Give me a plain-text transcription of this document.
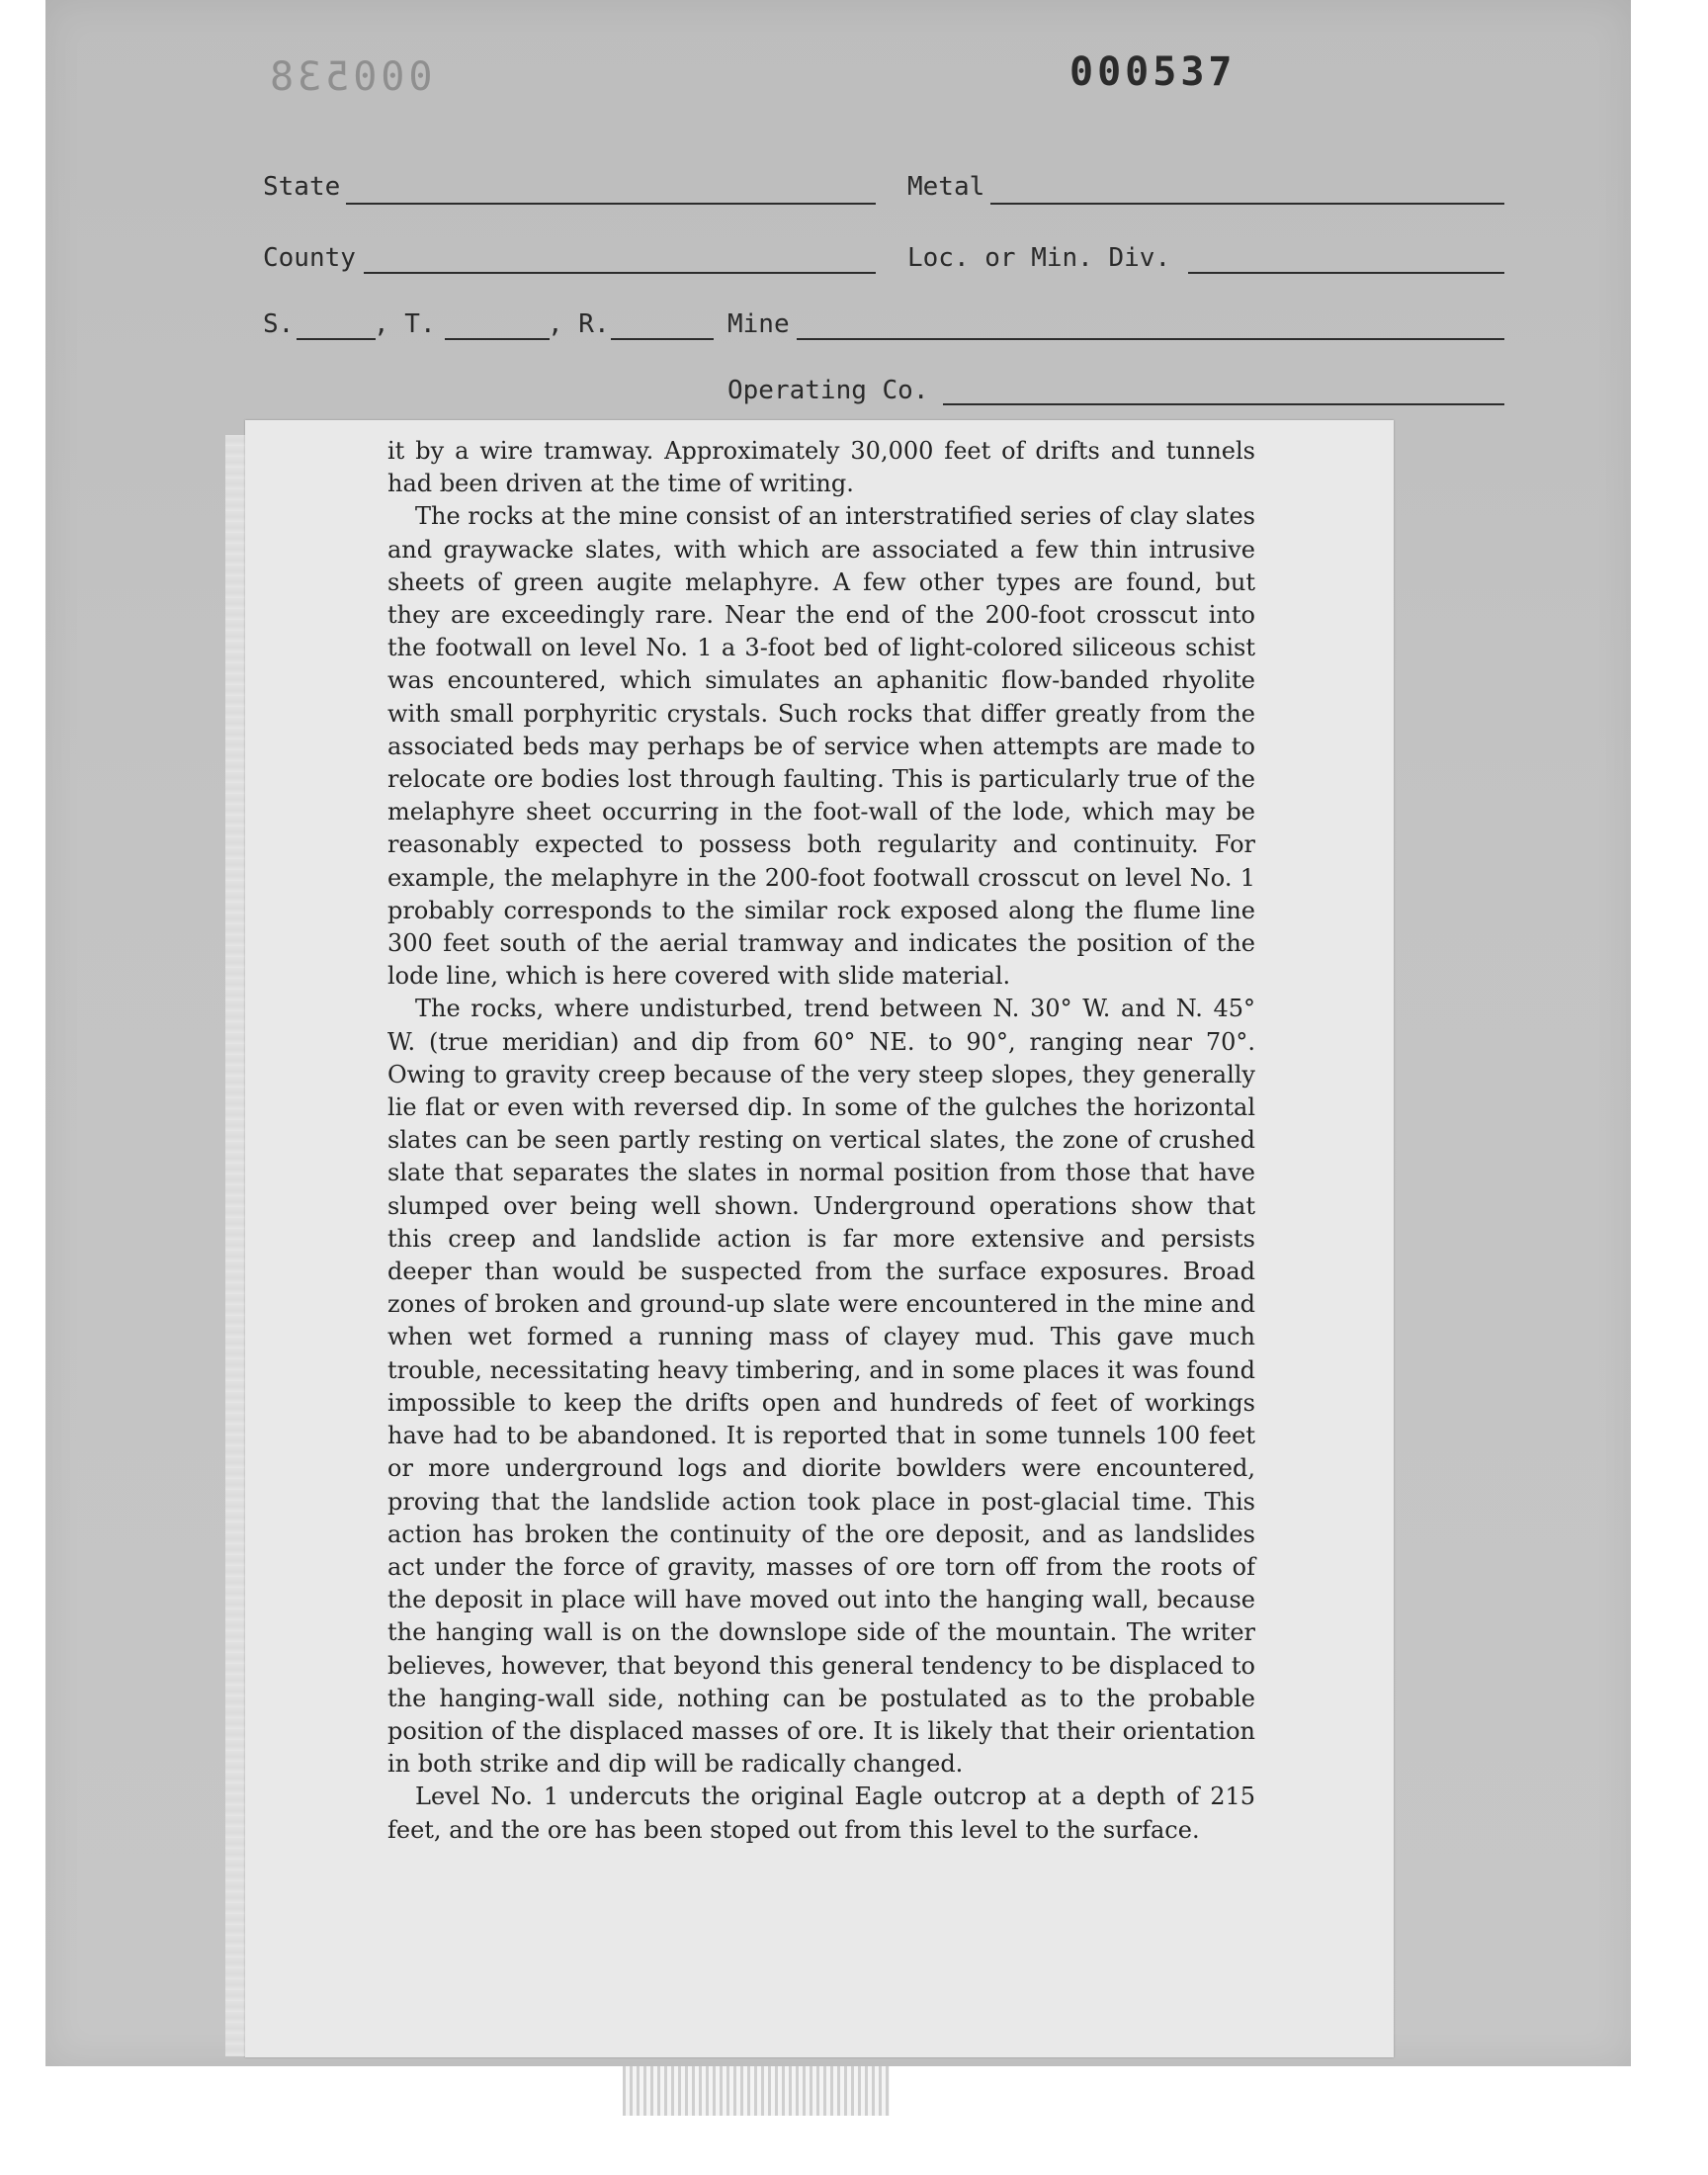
000538	000537
State	Metal
County	Loc. or Min. Div.
S.	, T.	, R.	Mine
Operating Co.

it by a wire tramway. Approximately 30,000 feet of drifts and tunnels had been driven at the time of writing.

The rocks at the mine consist of an interstratified series of clay slates and graywacke slates, with which are associated a few thin intrusive sheets of green augite melaphyre. A few other types are found, but they are exceedingly rare. Near the end of the 200-foot crosscut into the footwall on level No. 1 a 3-foot bed of light-colored siliceous schist was encountered, which simulates an aphanitic flow-banded rhyolite with small porphyritic crystals. Such rocks that differ greatly from the associated beds may perhaps be of service when attempts are made to relocate ore bodies lost through faulting. This is particularly true of the melaphyre sheet occurring in the foot-wall of the lode, which may be reasonably expected to possess both regularity and continuity. For example, the melaphyre in the 200-foot footwall crosscut on level No. 1 probably corresponds to the similar rock exposed along the flume line 300 feet south of the aerial tramway and indicates the position of the lode line, which is here covered with slide material.

The rocks, where undisturbed, trend between N. 30° W. and N. 45° W. (true meridian) and dip from 60° NE. to 90°, ranging near 70°. Owing to gravity creep because of the very steep slopes, they generally lie flat or even with reversed dip. In some of the gulches the horizontal slates can be seen partly resting on vertical slates, the zone of crushed slate that separates the slates in normal position from those that have slumped over being well shown. Underground operations show that this creep and landslide action is far more extensive and persists deeper than would be suspected from the surface exposures. Broad zones of broken and ground-up slate were encountered in the mine and when wet formed a running mass of clayey mud. This gave much trouble, necessitating heavy timbering, and in some places it was found impossible to keep the drifts open and hundreds of feet of workings have had to be abandoned. It is reported that in some tunnels 100 feet or more underground logs and diorite bowlders were encountered, proving that the landslide action took place in post-glacial time. This action has broken the continuity of the ore deposit, and as landslides act under the force of gravity, masses of ore torn off from the roots of the deposit in place will have moved out into the hanging wall, because the hanging wall is on the downslope side of the mountain. The writer believes, however, that beyond this general tendency to be displaced to the hanging-wall side, nothing can be postulated as to the probable position of the displaced masses of ore. It is likely that their orientation in both strike and dip will be radically changed.

Level No. 1 undercuts the original Eagle outcrop at a depth of 215 feet, and the ore has been stoped out from this level to the surface.
